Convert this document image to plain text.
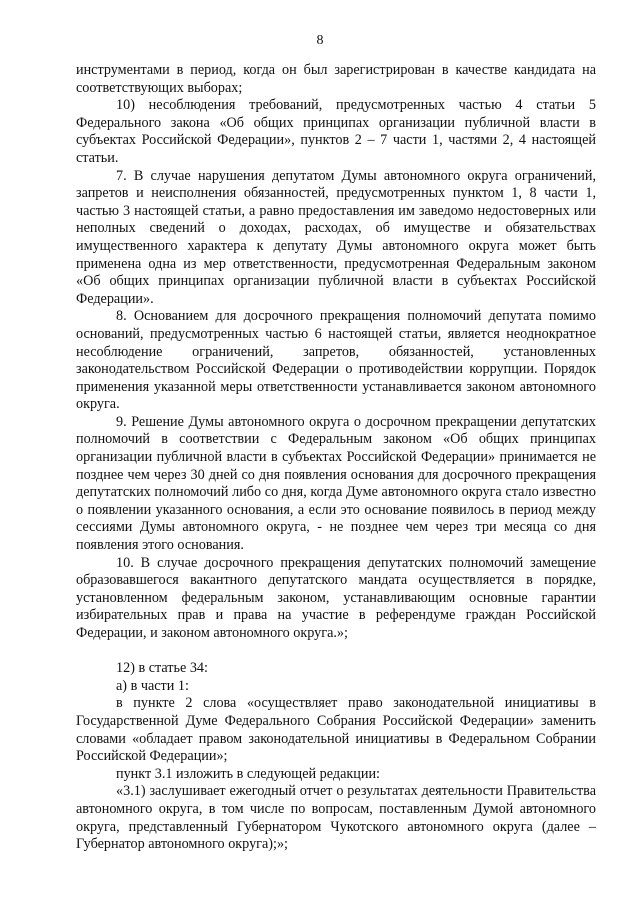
8

инструментами в период, когда он был зарегистрирован в качестве кандидата на соответствующих выборах;

10) несоблюдения требований, предусмотренных частью 4 статьи 5 Федерального закона «Об общих принципах организации публичной власти в субъектах Российской Федерации», пунктов 2 – 7 части 1, частями 2, 4 настоящей статьи.

7. В случае нарушения депутатом Думы автономного округа ограничений, запретов и неисполнения обязанностей, предусмотренных пунктом 1, 8 части 1, частью 3 настоящей статьи, а равно предоставления им заведомо недостоверных или неполных сведений о доходах, расходах, об имуществе и обязательствах имущественного характера к депутату Думы автономного округа может быть применена одна из мер ответственности, предусмотренная Федеральным законом «Об общих принципах организации публичной власти в субъектах Российской Федерации».

8. Основанием для досрочного прекращения полномочий депутата помимо оснований, предусмотренных частью 6 настоящей статьи, является неоднократное несоблюдение ограничений, запретов, обязанностей, установленных законодательством Российской Федерации о противодействии коррупции. Порядок применения указанной меры ответственности устанавливается законом автономного округа.

9. Решение Думы автономного округа о досрочном прекращении депутатских полномочий в соответствии с Федеральным законом «Об общих принципах организации публичной власти в субъектах Российской Федерации» принимается не позднее чем через 30 дней со дня появления основания для досрочного прекращения депутатских полномочий либо со дня, когда Думе автономного округа стало известно о появлении указанного основания, а если это основание появилось в период между сессиями Думы автономного округа, - не позднее чем через три месяца со дня появления этого основания.

10. В случае досрочного прекращения депутатских полномочий замещение образовавшегося вакантного депутатского мандата осуществляется в порядке, установленном федеральным законом, устанавливающим основные гарантии избирательных прав и права на участие в референдуме граждан Российской Федерации, и законом автономного округа.»;

12) в статье 34:

а) в части 1:

в пункте 2 слова «осуществляет право законодательной инициативы в Государственной Думе Федерального Собрания Российской Федерации» заменить словами «обладает правом законодательной инициативы в Федеральном Собрании Российской Федерации»;

пункт 3.1 изложить в следующей редакции:

«3.1) заслушивает ежегодный отчет о результатах деятельности Правительства автономного округа, в том числе по вопросам, поставленным Думой автономного округа, представленный Губернатором Чукотского автономного округа (далее – Губернатор автономного округа);»;
